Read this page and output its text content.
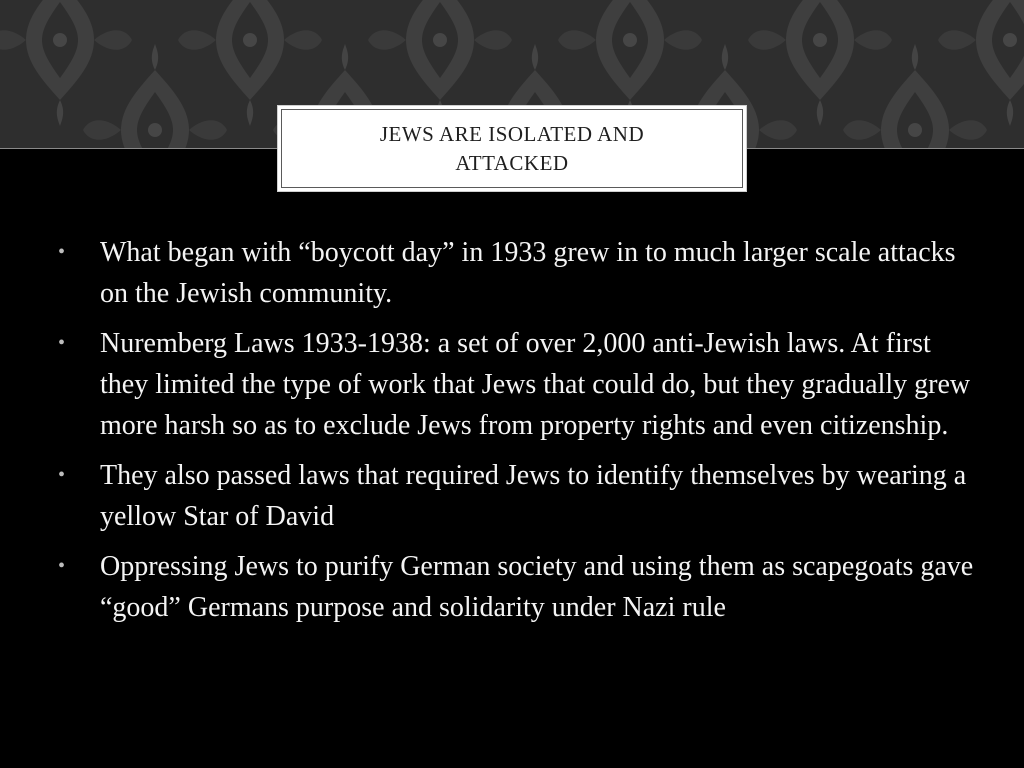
JEWS ARE ISOLATED AND ATTACKED
• What began with “boycott day” in 1933 grew in to much larger scale attacks on the Jewish community.
• Nuremberg Laws 1933-1938: a set of over 2,000 anti-Jewish laws. At first they limited the type of work that Jews that could do, but they gradually grew more harsh so as to exclude Jews from property rights and even citizenship.
• They also passed laws that required Jews to identify themselves by wearing a yellow Star of David
• Oppressing Jews to purify German society and using them as scapegoats gave “good” Germans purpose and solidarity under Nazi rule
